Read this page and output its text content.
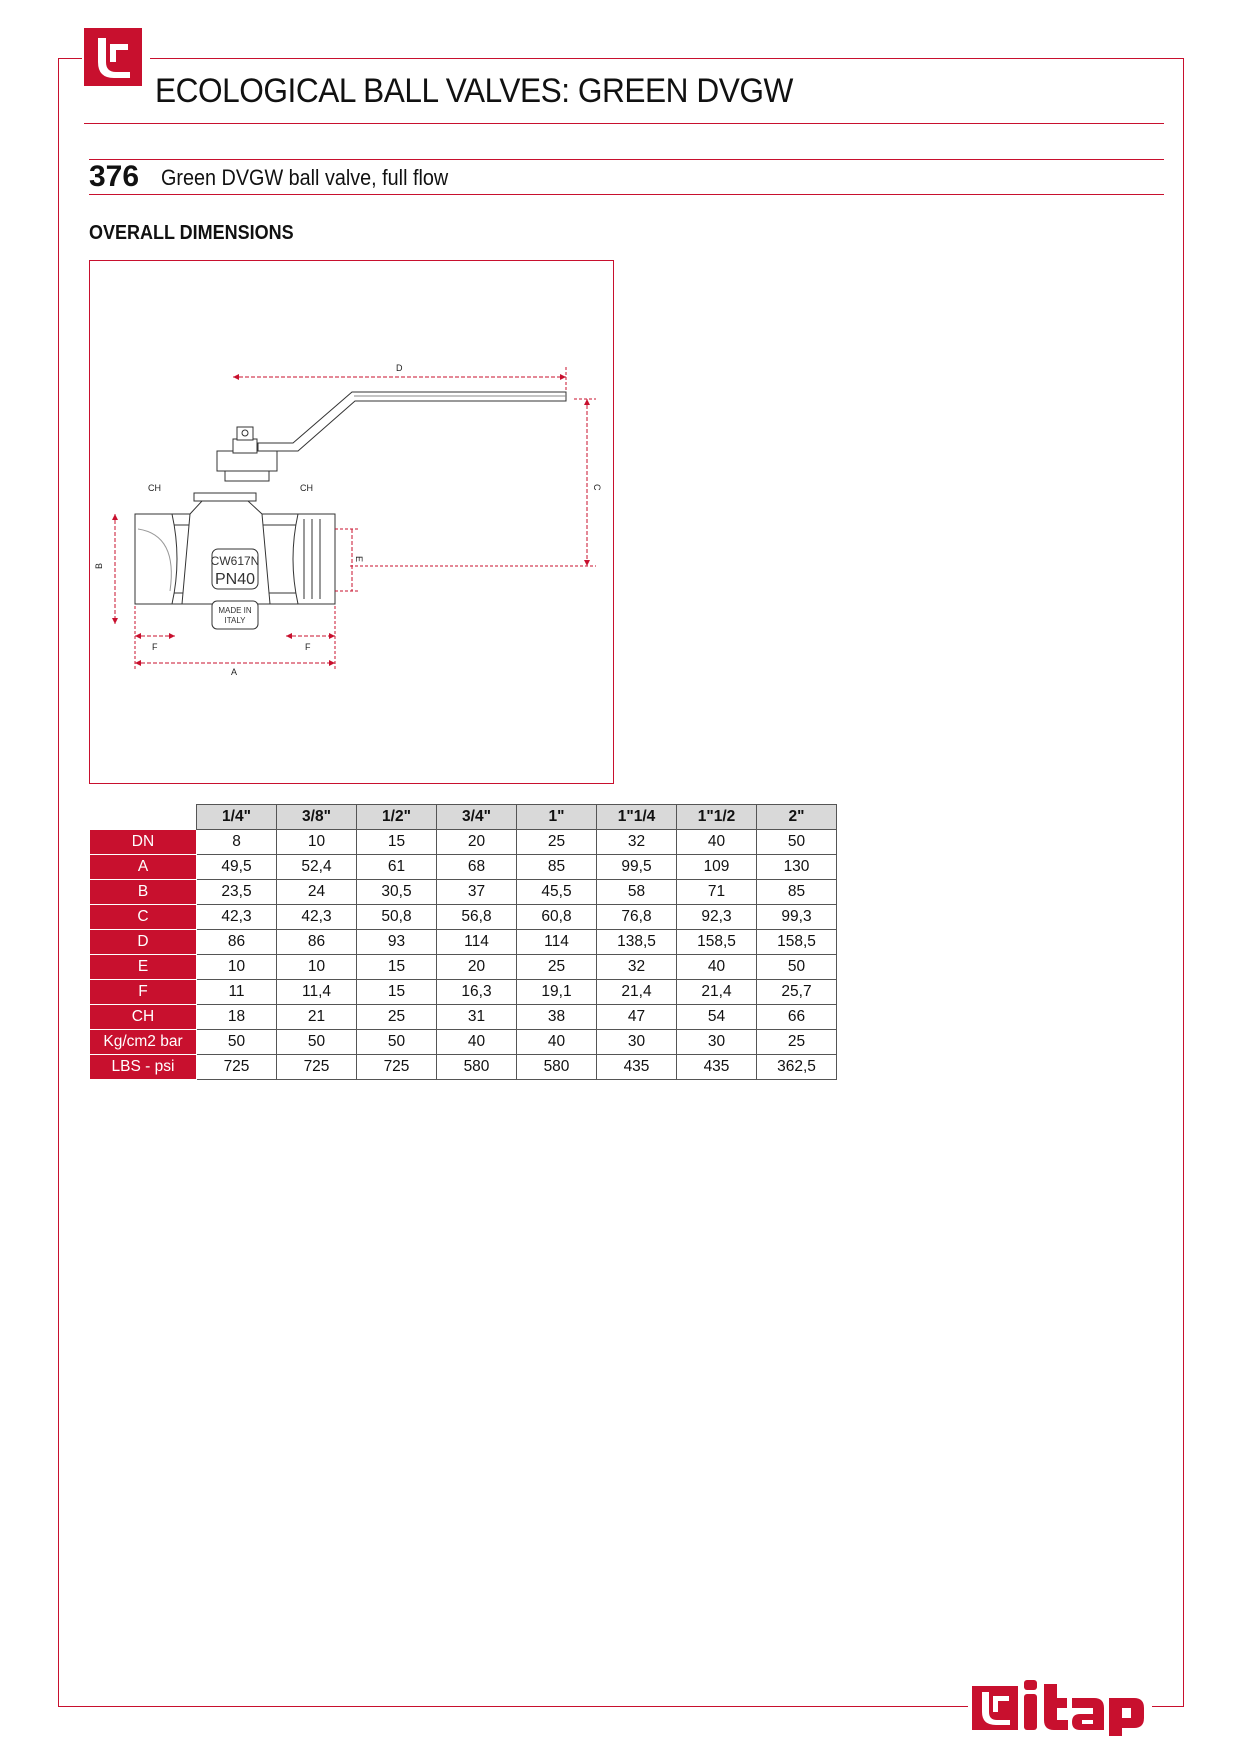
ECOLOGICAL BALL VALVES: GREEN DVGW
376 Green DVGW ball valve, full flow
OVERALL DIMENSIONS
D
C
CH	CH
CW617N
PN40
MADE IN
ITALY
B
E
F	F
A
	1/4"	3/8"	1/2"	3/4"	1"	1"1/4	1"1/2	2"
DN	8	10	15	20	25	32	40	50
A	49,5	52,4	61	68	85	99,5	109	130
B	23,5	24	30,5	37	45,5	58	71	85
C	42,3	42,3	50,8	56,8	60,8	76,8	92,3	99,3
D	86	86	93	114	114	138,5	158,5	158,5
E	10	10	15	20	25	32	40	50
F	11	11,4	15	16,3	19,1	21,4	21,4	25,7
CH	18	21	25	31	38	47	54	66
Kg/cm2 bar	50	50	50	40	40	30	30	25
LBS - psi	725	725	725	580	580	435	435	362,5
